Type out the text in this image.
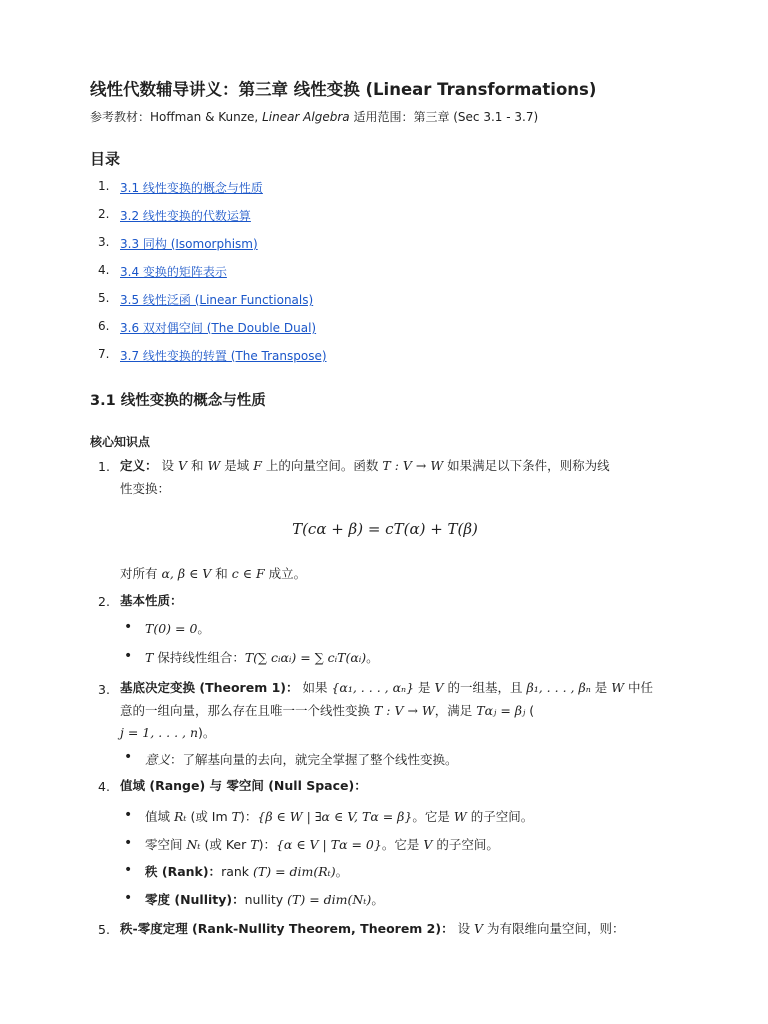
线性代数辅导讲义：第三章 线性变换 (Linear Transformations)
参考教材：Hoffman & Kunze, Linear Algebra 适用范围：第三章 (Sec 3.1 - 3.7)
目录
1. 3.1 线性变换的概念与性质
2. 3.2 线性变换的代数运算
3. 3.3 同构 (Isomorphism)
4. 3.4 变换的矩阵表示
5. 3.5 线性泛函 (Linear Functionals)
6. 3.6 双对偶空间 (The Double Dual)
7. 3.7 线性变换的转置 (The Transpose)
3.1 线性变换的概念与性质
核心知识点
1. 定义： 设 V 和 W 是域 F 上的向量空间。函数 T : V → W 如果满足以下条件，则称为线
性变换：
T(cα + β) = cT(α) + T(β)
对所有 α, β ∈ V 和 c ∈ F 成立。
2. 基本性质：
• T(0) = 0。
• T 保持线性组合：T(∑ cᵢαᵢ) = ∑ cᵢT(αᵢ)。
3. 基底决定变换 (Theorem 1)： 如果 {α₁, . . . , αₙ} 是 V 的一组基，且 β₁, . . . , βₙ 是 W 中任
意的一组向量，那么存在且唯一一个线性变换 T : V → W，满足 Tαⱼ = βⱼ (
j = 1, . . . , n)。
• 意义：了解基向量的去向，就完全掌握了整个线性变换。
4. 值域 (Range) 与 零空间 (Null Space)：
• 值域 Rₜ (或 Im T)：{β ∈ W | ∃α ∈ V, Tα = β}。它是 W 的子空间。
• 零空间 Nₜ (或 Ker T)：{α ∈ V | Tα = 0}。它是 V 的子空间。
• 秩 (Rank)：rank (T) = dim(Rₜ)。
• 零度 (Nullity)：nullity (T) = dim(Nₜ)。
5. 秩-零度定理 (Rank-Nullity Theorem, Theorem 2)： 设 V 为有限维向量空间，则：
